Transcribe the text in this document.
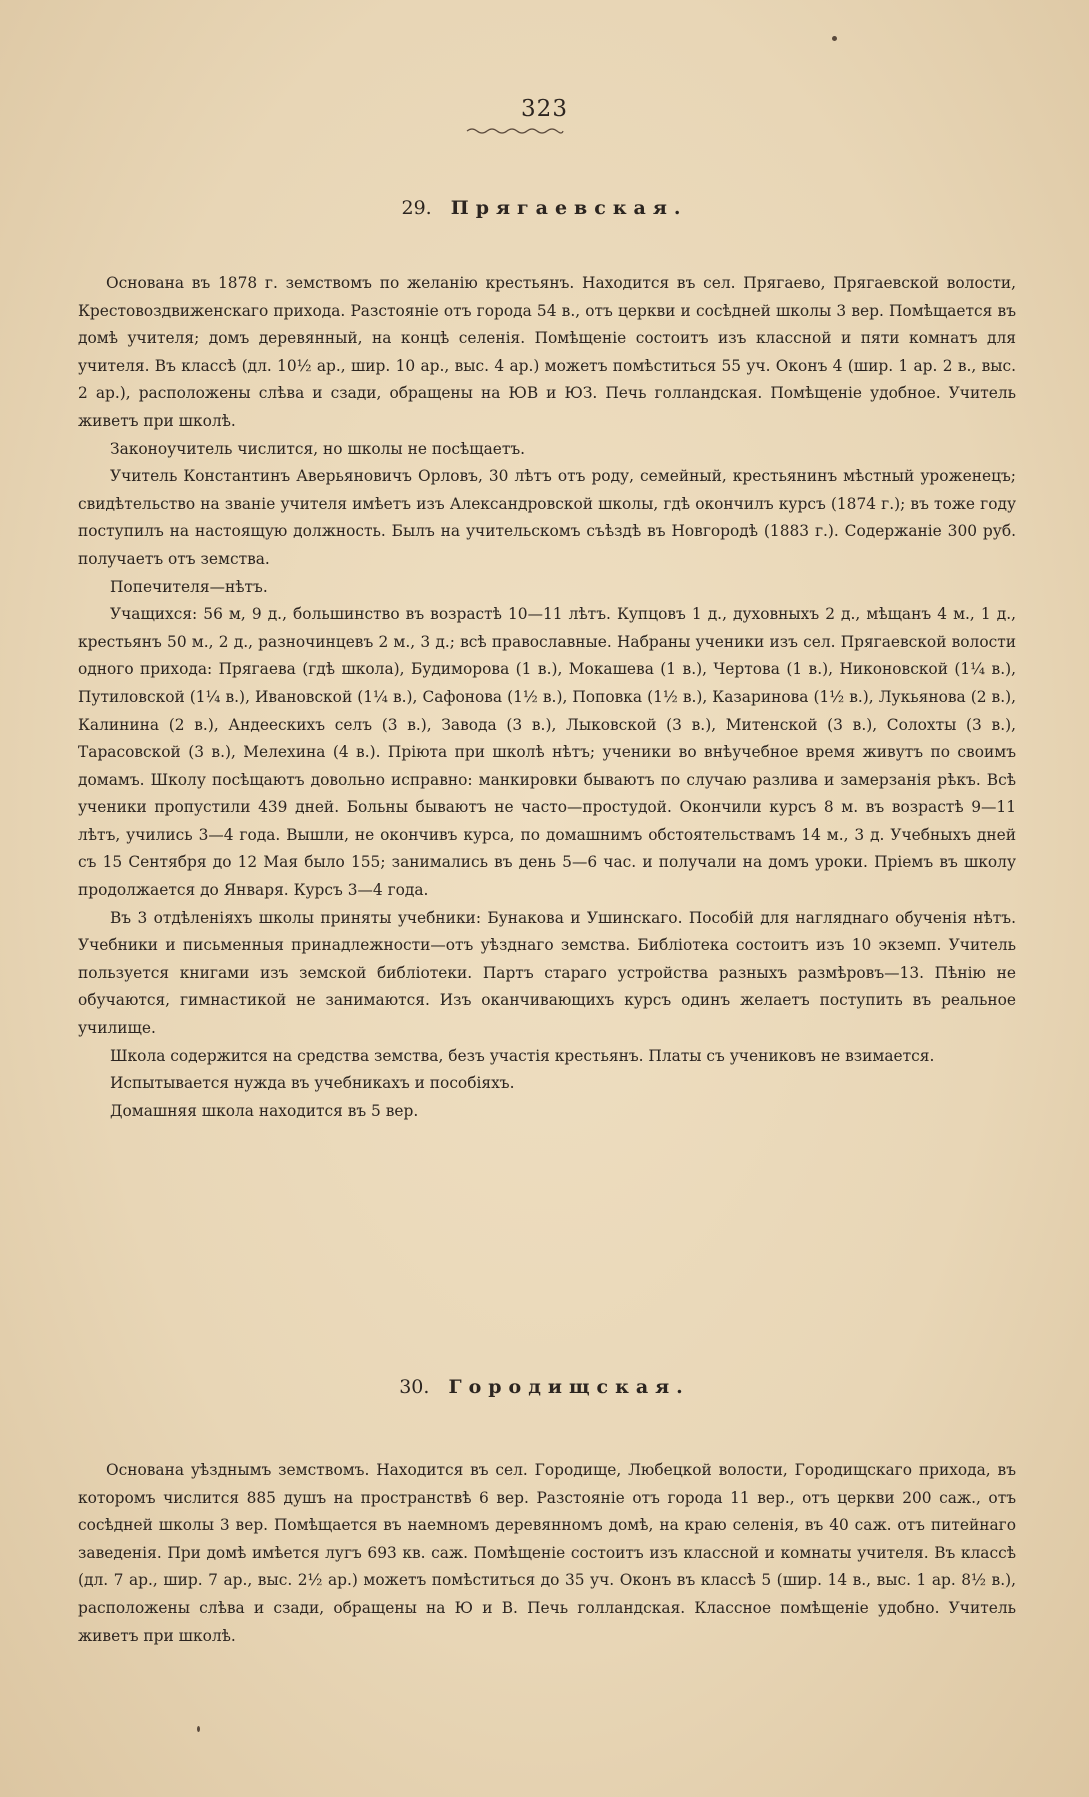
323
29. Прягаевская.

Основана въ 1878 г. земствомъ по желанію крестьянъ. Находится въ сел. Прягаево, Прягаевской волости, Крестовоздвиженскаго прихода. Разстояніе отъ города 54 в., отъ церкви и сосѣдней школы 3 вер. Помѣщается въ домѣ учителя; домъ деревянный, на концѣ селенія. Помѣщеніе состоитъ изъ классной и пяти комнатъ для учителя. Въ классѣ (дл. 10½ ар., шир. 10 ар., выс. 4 ар.) можетъ помѣститься 55 уч. Оконъ 4 (шир. 1 ар. 2 в., выс. 2 ар.), расположены слѣва и сзади, обращены на ЮВ и ЮЗ. Печь голландская. Помѣщеніе удобное. Учитель живетъ при школѣ.

Законоучитель числится, но школы не посѣщаетъ.

Учитель Константинъ Аверьяновичъ Орловъ, 30 лѣтъ отъ роду, семейный, крестьянинъ мѣстный уроженецъ; свидѣтельство на званіе учителя имѣетъ изъ Александровской школы, гдѣ окончилъ курсъ (1874 г.); въ тоже году поступилъ на настоящую должность. Былъ на учительскомъ съѣздѣ въ Новгородѣ (1883 г.). Содержаніе 300 руб. получаетъ отъ земства.

Попечителя—нѣтъ.

Учащихся: 56 м, 9 д., большинство въ возрастѣ 10—11 лѣтъ. Купцовъ 1 д., духовныхъ 2 д., мѣщанъ 4 м., 1 д., крестьянъ 50 м., 2 д., разночинцевъ 2 м., 3 д.; всѣ православные. Набраны ученики изъ сел. Прягаевской волости одного прихода: Прягаева (гдѣ школа), Будиморова (1 в.), Мокашева (1 в.), Чертова (1 в.), Никоновской (1¼ в.), Путиловской (1¼ в.), Ивановской (1¼ в.), Сафонова (1½ в.), Поповка (1½ в.), Казаринова (1½ в.), Лукьянова (2 в.), Калинина (2 в.), Андеескихъ селъ (3 в.), Завода (3 в.), Лыковской (3 в.), Митенской (3 в.), Солохты (3 в.), Тарасовской (3 в.), Мелехина (4 в.). Пріюта при школѣ нѣтъ; ученики во внѣучебное время живутъ по своимъ домамъ. Школу посѣщаютъ довольно исправно: манкировки бываютъ по случаю разлива и замерзанія рѣкъ. Всѣ ученики пропустили 439 дней. Больны бываютъ не часто—простудой. Окончили курсъ 8 м. въ возрастѣ 9—11 лѣтъ, учились 3—4 года. Вышли, не окончивъ курса, по домашнимъ обстоятельствамъ 14 м., 3 д. Учебныхъ дней съ 15 Сентября до 12 Мая было 155; занимались въ день 5—6 час. и получали на домъ уроки. Пріемъ въ школу продолжается до Января. Курсъ 3—4 года.

Въ 3 отдѣленіяхъ школы приняты учебники: Бунакова и Ушинскаго. Пособій для нагляднаго обученія нѣтъ. Учебники и письменныя принадлежности—отъ уѣзднаго земства. Библіотека состоитъ изъ 10 экземп. Учитель пользуется книгами изъ земской библіотеки. Партъ стараго устройства разныхъ размѣровъ—13. Пѣнію не обучаются, гимнастикой не занимаются. Изъ оканчивающихъ курсъ одинъ желаетъ поступить въ реальное училище.

Школа содержится на средства земства, безъ участія крестьянъ. Платы съ учениковъ не взимается.

Испытывается нужда въ учебникахъ и пособіяхъ.

Домашняя школа находится въ 5 вер.

30. Городищская.

Основана уѣзднымъ земствомъ. Находится въ сел. Городище, Любецкой волости, Городищскаго прихода, въ которомъ числится 885 душъ на пространствѣ 6 вер. Разстояніе отъ города 11 вер., отъ церкви 200 саж., отъ сосѣдней школы 3 вер. Помѣщается въ наемномъ деревянномъ домѣ, на краю селенія, въ 40 саж. отъ питейнаго заведенія. При домѣ имѣется лугъ 693 кв. саж. Помѣщеніе состоитъ изъ классной и комнаты учителя. Въ классѣ (дл. 7 ар., шир. 7 ар., выс. 2½ ар.) можетъ помѣститься до 35 уч. Оконъ въ классѣ 5 (шир. 14 в., выс. 1 ар. 8½ в.), расположены слѣва и сзади, обращены на Ю и В. Печь голландская. Классное помѣщеніе удобно. Учитель живетъ при школѣ.
